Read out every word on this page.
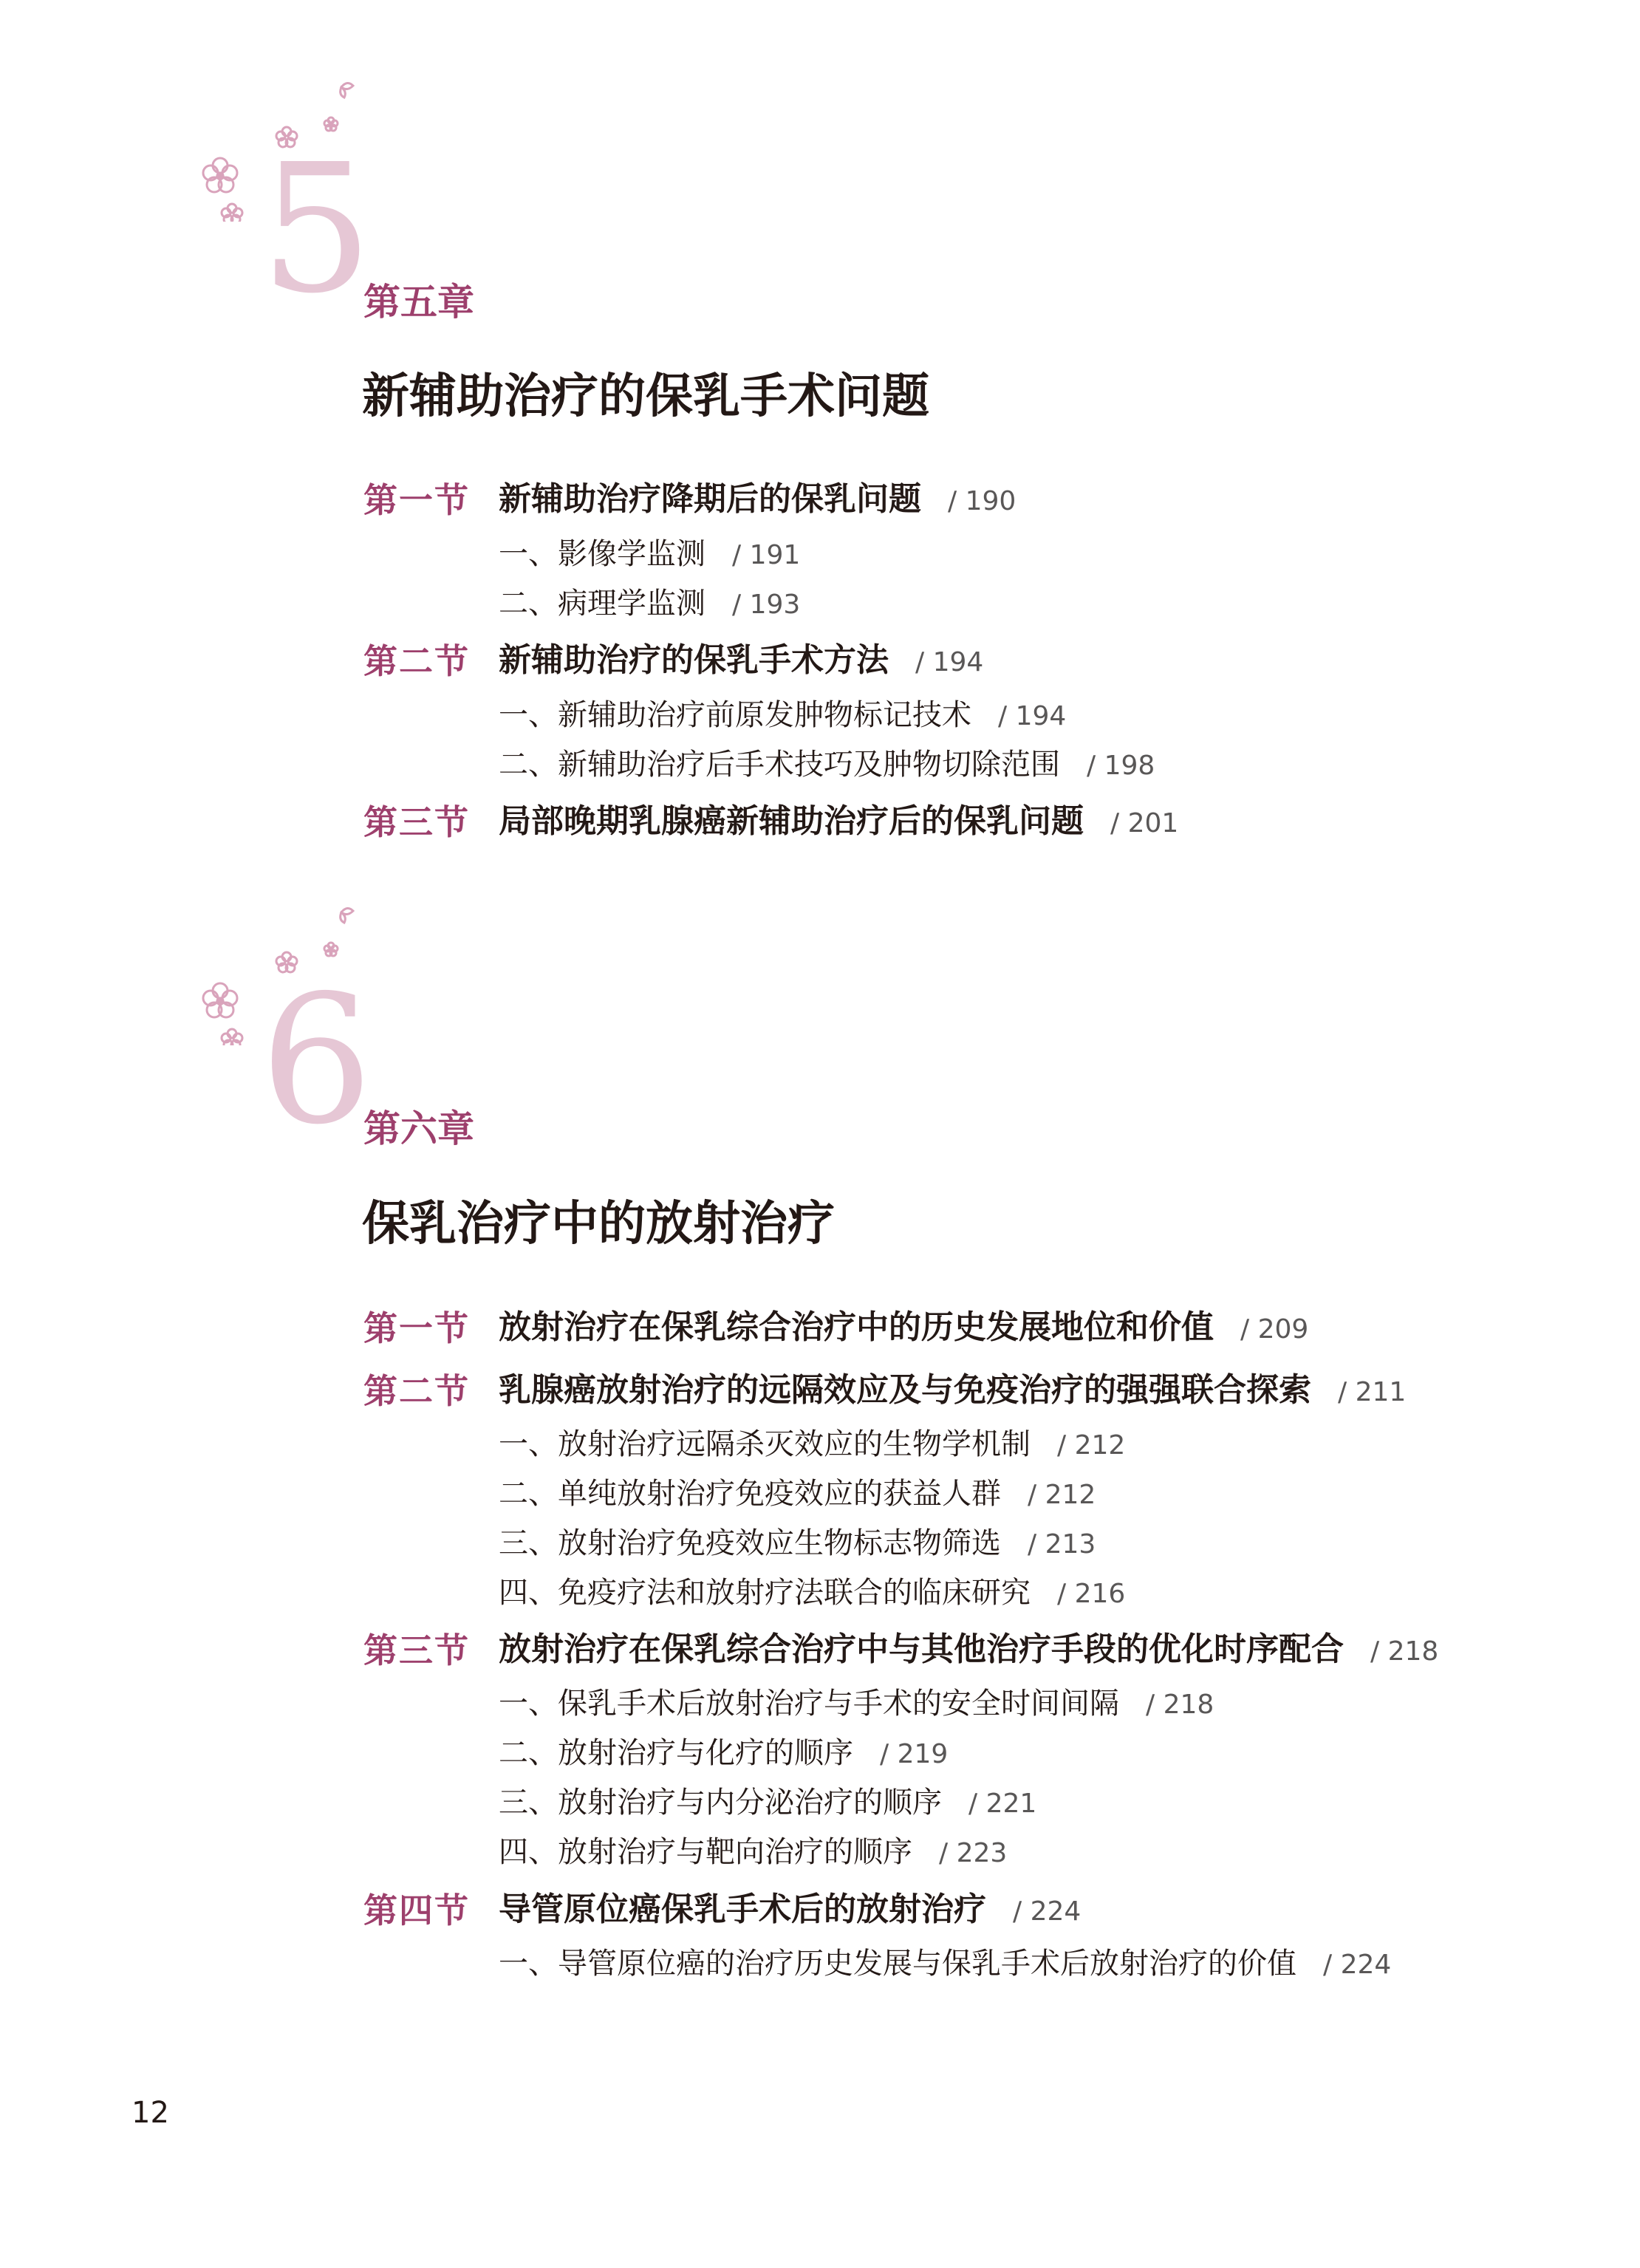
5
第五章
新辅助治疗的保乳手术问题
第一节 新辅助治疗降期后的保乳问题 / 190
一、影像学监测 / 191
二、病理学监测 / 193
第二节 新辅助治疗的保乳手术方法 / 194
一、新辅助治疗前原发肿物标记技术 / 194
二、新辅助治疗后手术技巧及肿物切除范围 / 198
第三节 局部晚期乳腺癌新辅助治疗后的保乳问题 / 201
6
第六章
保乳治疗中的放射治疗
第一节 放射治疗在保乳综合治疗中的历史发展地位和价值 / 209
第二节 乳腺癌放射治疗的远隔效应及与免疫治疗的强强联合探索 / 211
一、放射治疗远隔杀灭效应的生物学机制 / 212
二、单纯放射治疗免疫效应的获益人群 / 212
三、放射治疗免疫效应生物标志物筛选 / 213
四、免疫疗法和放射疗法联合的临床研究 / 216
第三节 放射治疗在保乳综合治疗中与其他治疗手段的优化时序配合 / 218
一、保乳手术后放射治疗与手术的安全时间间隔 / 218
二、放射治疗与化疗的顺序 / 219
三、放射治疗与内分泌治疗的顺序 / 221
四、放射治疗与靶向治疗的顺序 / 223
第四节 导管原位癌保乳手术后的放射治疗 / 224
一、导管原位癌的治疗历史发展与保乳手术后放射治疗的价值 / 224
12
